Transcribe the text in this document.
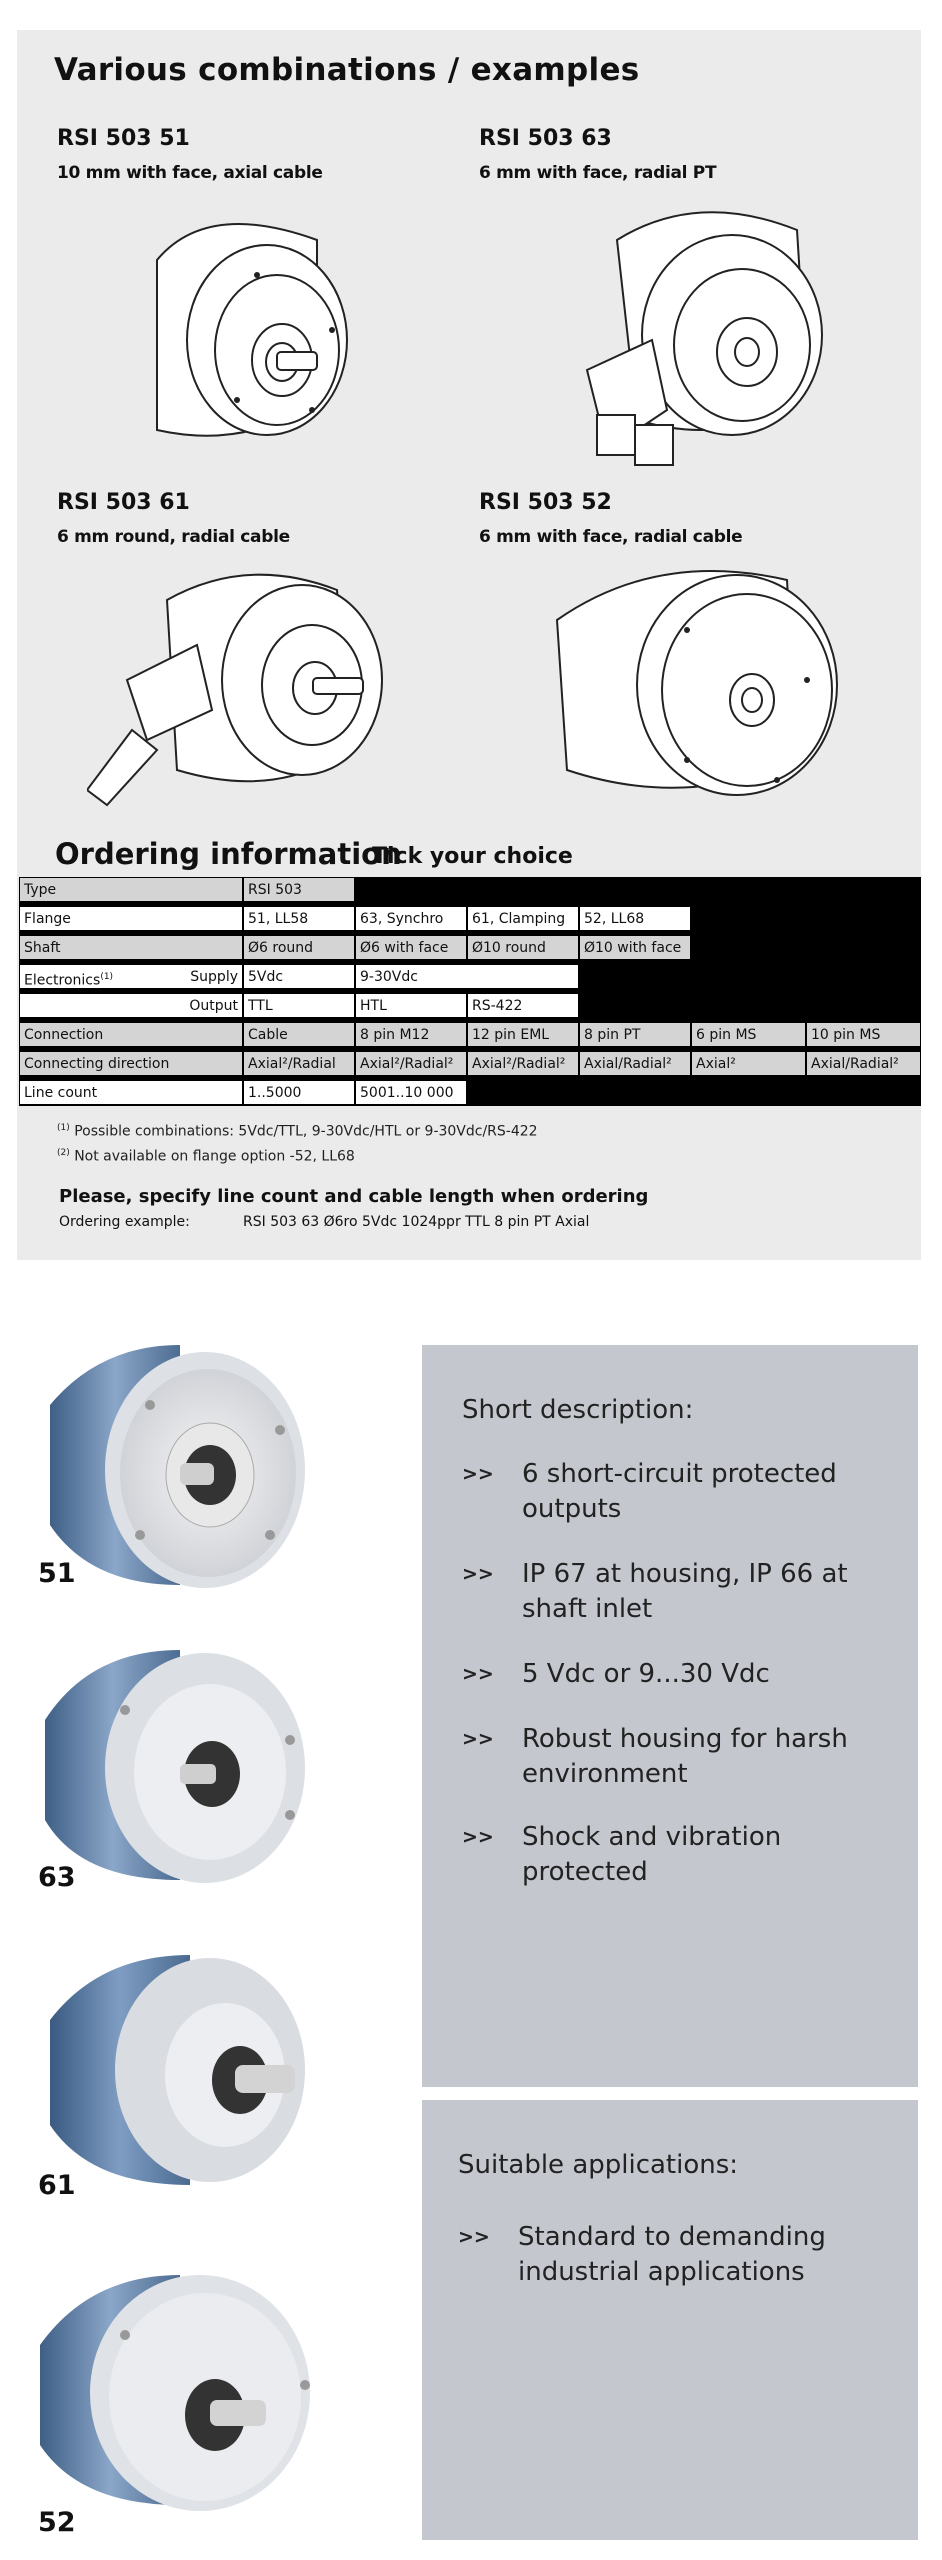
Various combinations / examples
RSI 503 51
10 mm with face, axial cable
RSI 503 63
6 mm with face, radial PT
RSI 503 61
6 mm round, radial cable
RSI 503 52
6 mm with face, radial cable
Ordering information
Tick your choice
Type	RSI 503
Flange	51, LL58	63, Synchro	61, Clamping	52, LL68
Shaft	Ø6 round	Ø6 with face	Ø10 round	Ø10 with face
Electronics$^{(1)}$	Supply 5Vdc	9-30Vdc
Output TTL	HTL	RS-422
Connection	Cable	8 pin M12	12 pin EML	8 pin PT	6 pin MS	10 pin MS
Connecting direction	Axial²/Radial	Axial²/Radial²	Axial²/Radial²	Axial/Radial²	Axial²	Axial/Radial²
Line count	1..5000	5001..10 000
$^{(1)}$ Possible combinations: 5Vdc/TTL, 9-30Vdc/HTL or 9-30Vdc/RS-422
$^{(2)}$ Not available on flange option -52, LL68
Please, specify line count and cable length when ordering
Ordering example:	RSI 503 63 Ø6ro 5Vdc 1024ppr TTL 8 pin PT Axial
51
63
61
52
Short description:
>> 6 short-circuit protected outputs
>> IP 67 at housing, IP 66 at shaft inlet
>> 5 Vdc or 9...30 Vdc
>> Robust housing for harsh environment
>> Shock and vibration protected
Suitable applications:
>> Standard to demanding industrial applications
